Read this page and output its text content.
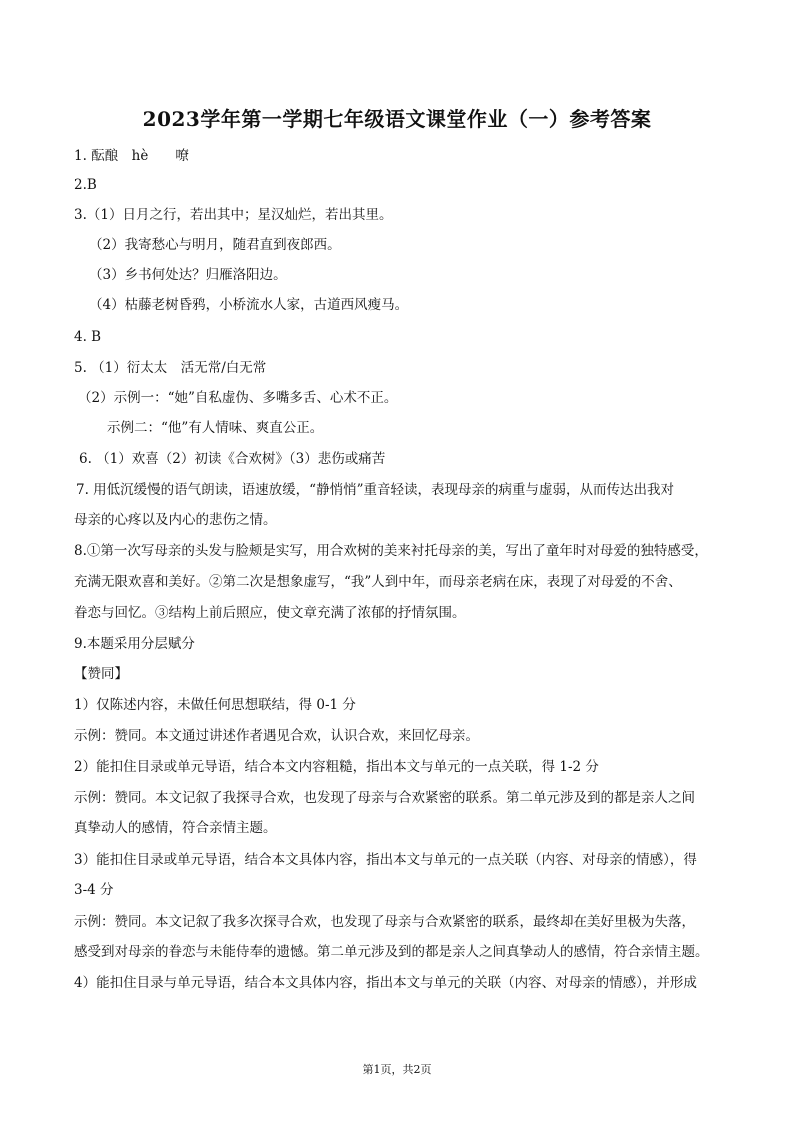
2023学年第一学期七年级语文课堂作业（一）参考答案
1. 酝酿　hè　　嘹
2.B
3.（1）日月之行，若出其中；星汉灿烂，若出其里。
（2）我寄愁心与明月，随君直到夜郎西。
（3）乡书何处达？归雁洛阳边。
（4）枯藤老树昏鸦，小桥流水人家，古道西风瘦马。
4. B
5. （1）衍太太　活无常/白无常
（2）示例一：“她”自私虚伪、多嘴多舌、心术不正。
示例二：“他”有人情味、爽直公正。
6. （1）欢喜（2）初读《合欢树》（3）悲伤或痛苦
7. 用低沉缓慢的语气朗读，语速放缓，“静悄悄”重音轻读，表现母亲的病重与虚弱，从而传达出我对
母亲的心疼以及内心的悲伤之情。
8.①第一次写母亲的头发与脸颊是实写，用合欢树的美来衬托母亲的美，写出了童年时对母爱的独特感受，
充满无限欢喜和美好。②第二次是想象虚写，“我”人到中年，而母亲老病在床，表现了对母爱的不舍、
眷恋与回忆。③结构上前后照应，使文章充满了浓郁的抒情氛围。
9.本题采用分层赋分
【赞同】
1）仅陈述内容，未做任何思想联结，得 0-1 分
示例：赞同。本文通过讲述作者遇见合欢，认识合欢，来回忆母亲。
2）能扣住目录或单元导语，结合本文内容粗糙，指出本文与单元的一点关联，得 1-2 分
示例：赞同。本文记叙了我探寻合欢，也发现了母亲与合欢紧密的联系。第二单元涉及到的都是亲人之间
真挚动人的感情，符合亲情主题。
3）能扣住目录或单元导语，结合本文具体内容，指出本文与单元的一点关联（内容、对母亲的情感），得
3-4 分
示例：赞同。本文记叙了我多次探寻合欢，也发现了母亲与合欢紧密的联系，最终却在美好里极为失落，
感受到对母亲的眷恋与未能侍奉的遗憾。第二单元涉及到的都是亲人之间真挚动人的感情，符合亲情主题。
4）能扣住目录与单元导语，结合本文具体内容，指出本文与单元的关联（内容、对母亲的情感），并形成
第1页，共2页
